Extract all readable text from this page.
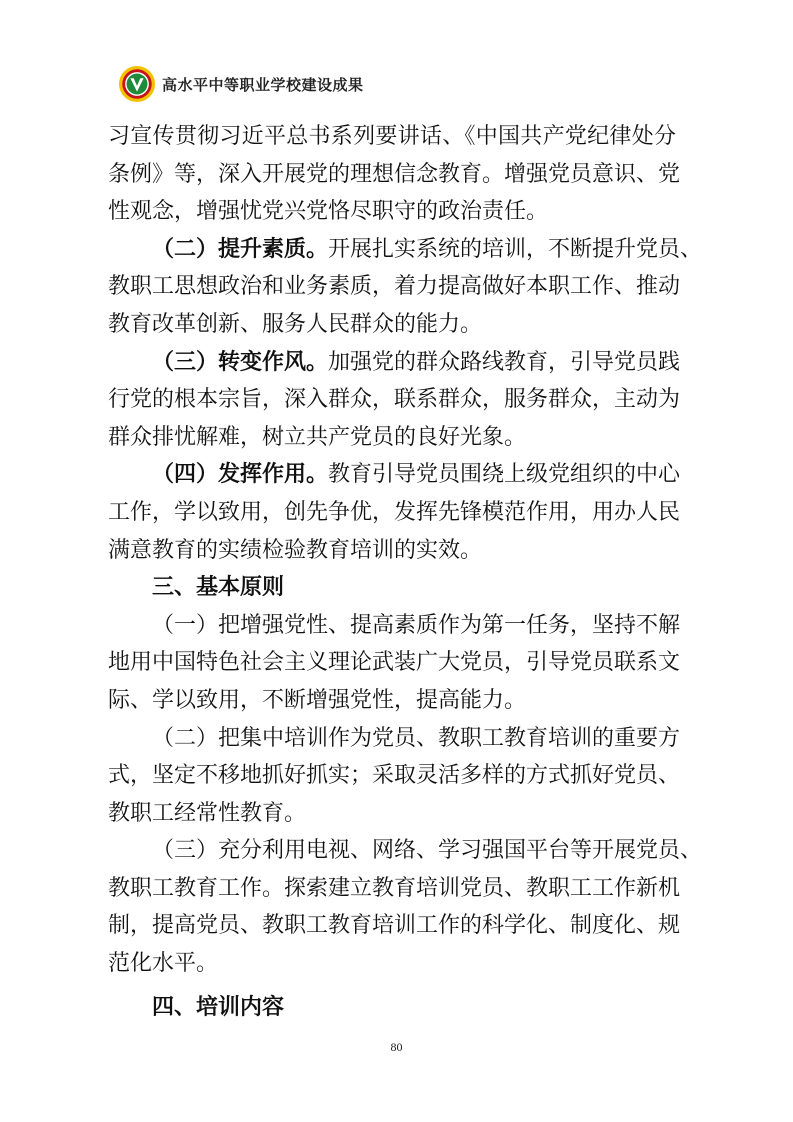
高水平中等职业学校建设成果
习宣传贯彻习近平总书系列要讲话、《中国共产党纪律处分
条例》等，深入开展党的理想信念教育。增强党员意识、党
性观念，增强忧党兴党恪尽职守的政治责任。
（二）提升素质。开展扎实系统的培训，不断提升党员、
教职工思想政治和业务素质，着力提高做好本职工作、推动
教育改革创新、服务人民群众的能力。
（三）转变作风。加强党的群众路线教育，引导党员践
行党的根本宗旨，深入群众，联系群众，服务群众，主动为
群众排忧解难，树立共产党员的良好光象。
（四）发挥作用。教育引导党员围绕上级党组织的中心
工作，学以致用，创先争优，发挥先锋模范作用，用办人民
满意教育的实绩检验教育培训的实效。
三、基本原则
（一）把增强党性、提高素质作为第一任务，坚持不解
地用中国特色社会主义理论武装广大党员，引导党员联系文
际、学以致用，不断增强党性，提高能力。
（二）把集中培训作为党员、教职工教育培训的重要方
式，坚定不移地抓好抓实；采取灵活多样的方式抓好党员、
教职工经常性教育。
（三）充分利用电视、网络、学习强国平台等开展党员、
教职工教育工作。探索建立教育培训党员、教职工工作新机
制，提高党员、教职工教育培训工作的科学化、制度化、规
范化水平。
四、培训内容
80
